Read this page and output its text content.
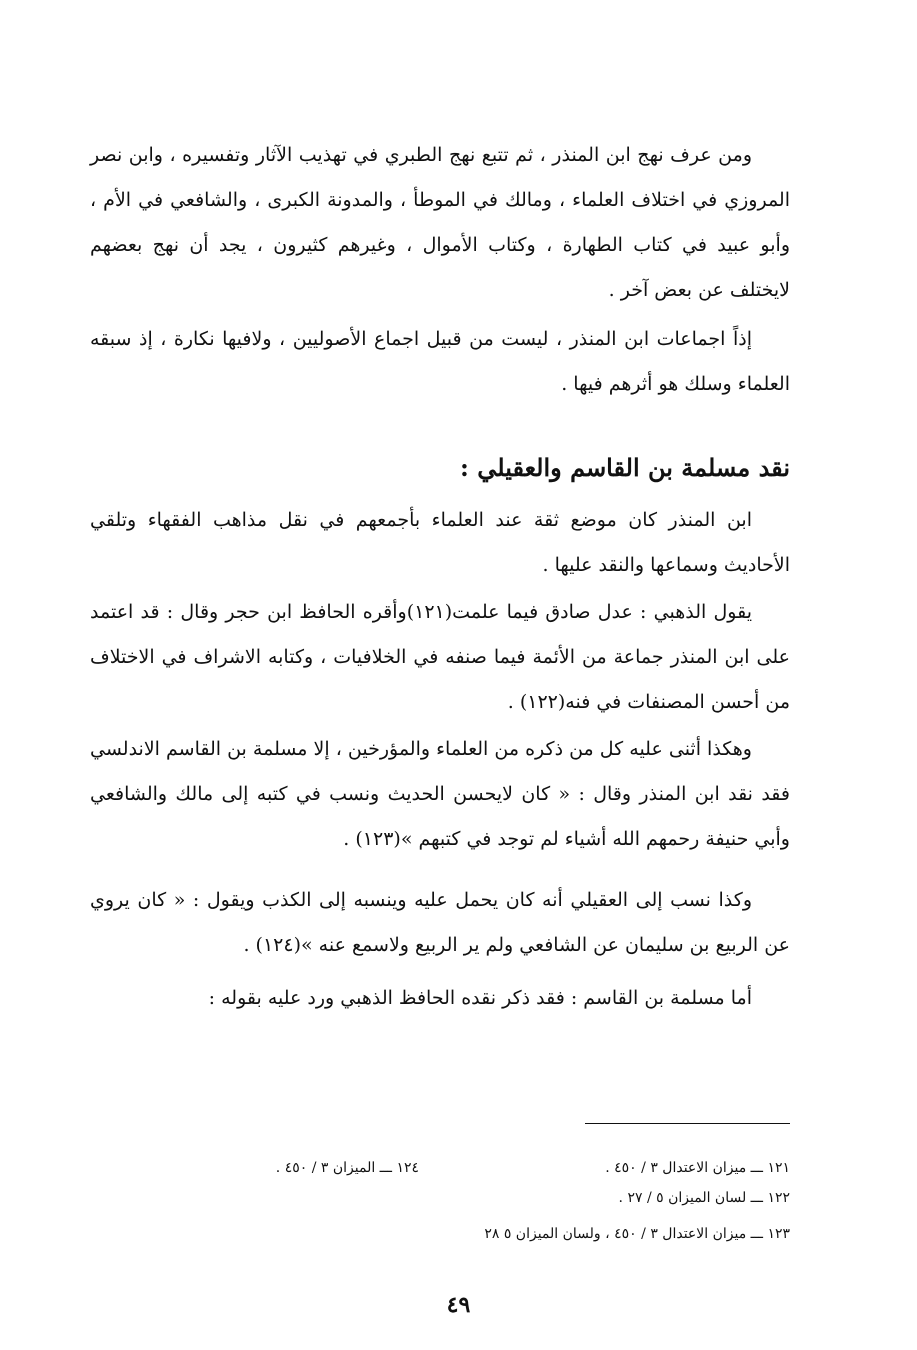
ومن عرف نهج ابن المنذر ، ثم تتبع نهج الطبري في تهذيب الآثار وتفسيره ، وابن نصر المروزي في اختلاف العلماء ، ومالك في الموطأ ، والمدونة الكبرى ، والشافعي في الأم ، وأبو عبيد في كتاب الطهارة ، وكتاب الأموال ، وغيرهم كثيرون ، يجد أن نهج بعضهم لايختلف عن بعض آخر .

إذاً اجماعات ابن المنذر ، ليست من قبيل اجماع الأصوليين ، ولافيها نكارة ، إذ سبقه العلماء وسلك هو أثرهم فيها .

نقد مسلمة بن القاسم والعقيلي :

ابن المنذر كان موضع ثقة عند العلماء بأجمعهم في نقل مذاهب الفقهاء وتلقي الأحاديث وسماعها والنقد عليها .

يقول الذهبي : عدل صادق فيما علمت(١٢١)وأقره الحافظ ابن حجر وقال : قد اعتمد على ابن المنذر جماعة من الأئمة فيما صنفه في الخلافيات ، وكتابه الاشراف في الاختلاف من أحسن المصنفات في فنه(١٢٢) .

وهكذا أثنى عليه كل من ذكره من العلماء والمؤرخين ، إلا مسلمة بن القاسم الاندلسي فقد نقد ابن المنذر وقال : « كان لايحسن الحديث ونسب في كتبه إلى مالك والشافعي وأبي حنيفة رحمهم الله أشياء لم توجد في كتبهم »(١٢٣) .

وكذا نسب إلى العقيلي أنه كان يحمل عليه وينسبه إلى الكذب ويقول : « كان يروي عن الربيع بن سليمان عن الشافعي ولم ير الربيع ولاسمع عنه »(١٢٤) .

أما مسلمة بن القاسم : فقد ذكر نقده الحافظ الذهبي ورد عليه بقوله :

١٢١ ـــ ميزان الاعتدال ٣ / ٤٥٠ .
١٢٢ ـــ لسان الميزان ٥ / ٢٧ .
١٢٣ ـــ ميزان الاعتدال ٣ / ٤٥٠ ، ولسان الميزان ٥ ٢٨
١٢٤ ـــ الميزان ٣ / ٤٥٠ .
٤٩
